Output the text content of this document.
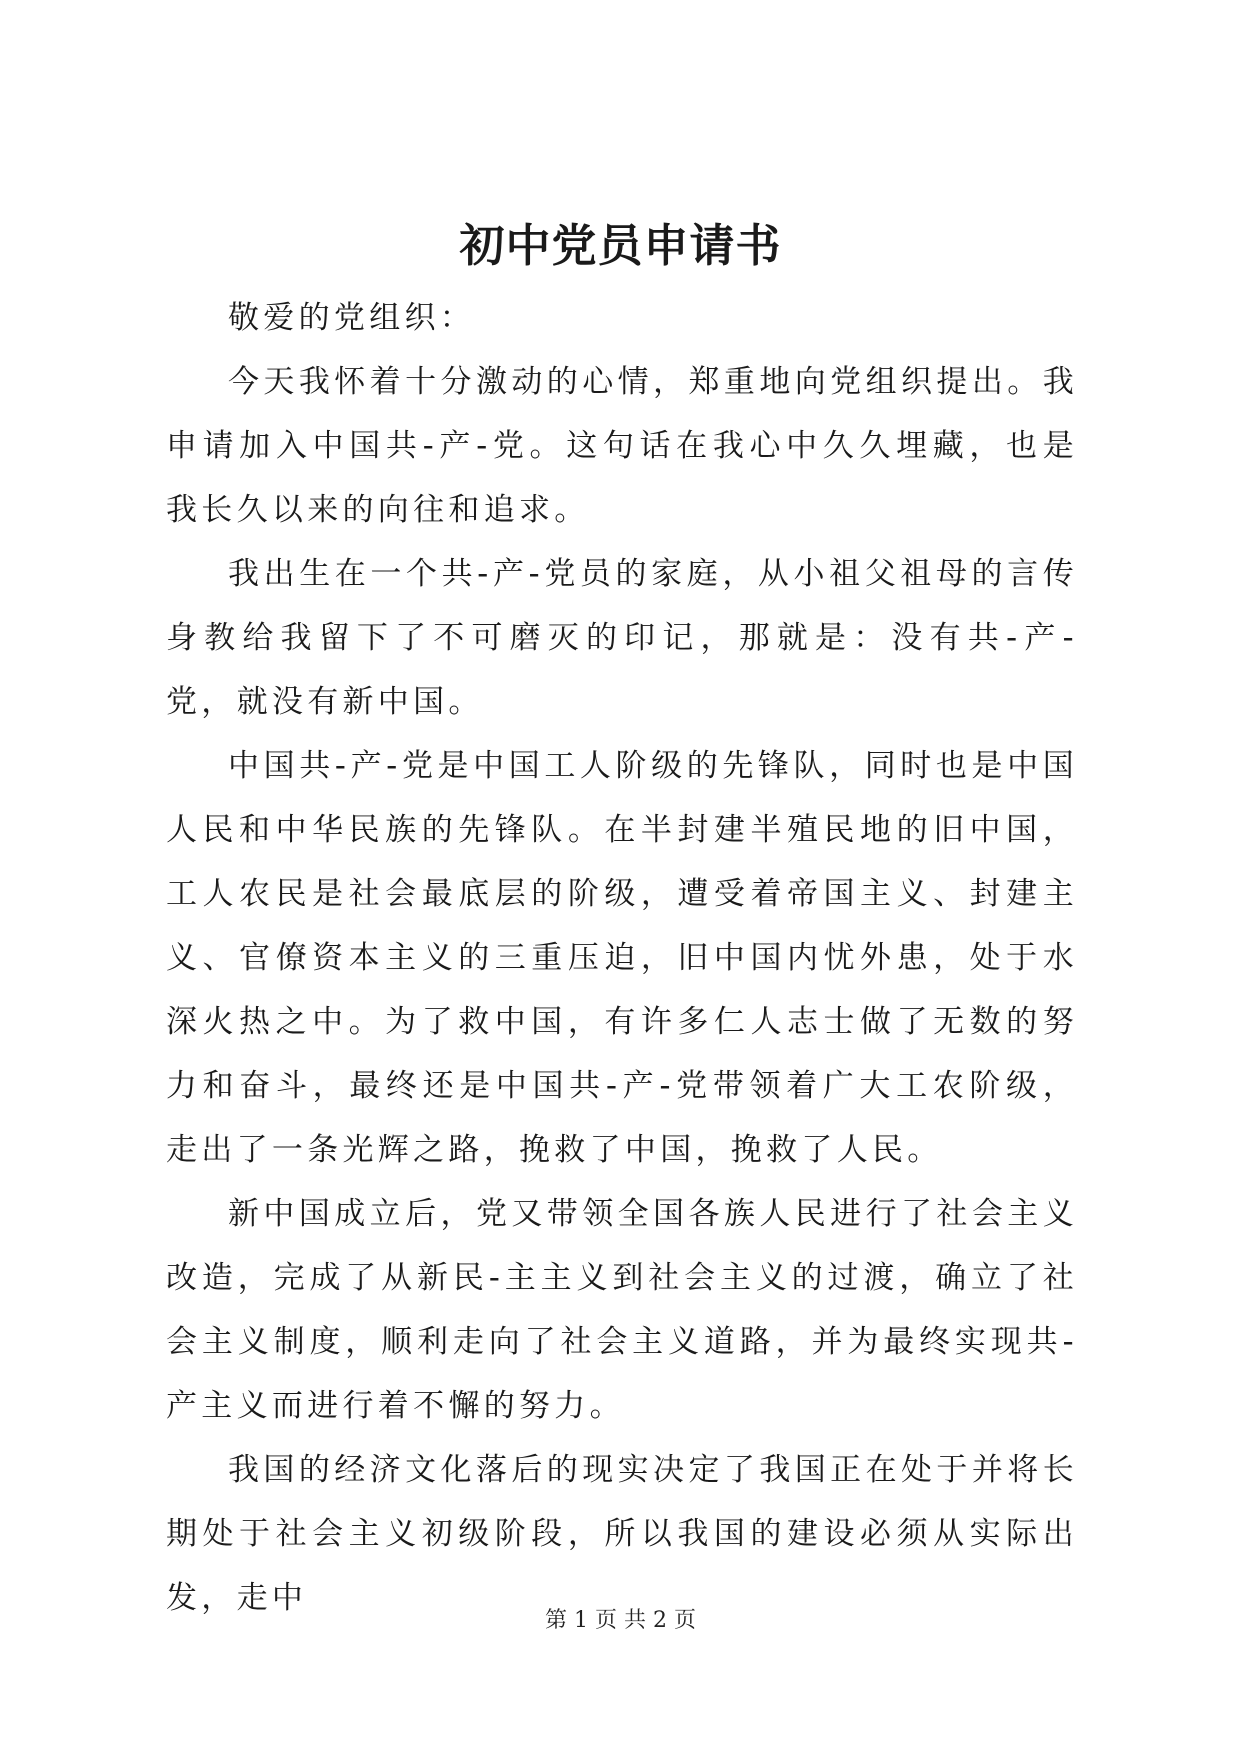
初中党员申请书

敬爱的党组织：

今天我怀着十分激动的心情，郑重地向党组织提出。我申请加入中国共-产-党。这句话在我心中久久埋藏，也是我长久以来的向往和追求。

我出生在一个共-产-党员的家庭，从小祖父祖母的言传身教给我留下了不可磨灭的印记，那就是：没有共-产-党，就没有新中国。

中国共-产-党是中国工人阶级的先锋队，同时也是中国人民和中华民族的先锋队。在半封建半殖民地的旧中国，工人农民是社会最底层的阶级，遭受着帝国主义、封建主义、官僚资本主义的三重压迫，旧中国内忧外患，处于水深火热之中。为了救中国，有许多仁人志士做了无数的努力和奋斗，最终还是中国共-产-党带领着广大工农阶级，走出了一条光辉之路，挽救了中国，挽救了人民。

新中国成立后，党又带领全国各族人民进行了社会主义改造，完成了从新民-主主义到社会主义的过渡，确立了社会主义制度，顺利走向了社会主义道路，并为最终实现共-产主义而进行着不懈的努力。

我国的经济文化落后的现实决定了我国正在处于并将长期处于社会主义初级阶段，所以我国的建设必须从实际出发，走中

第 1 页 共 2 页
